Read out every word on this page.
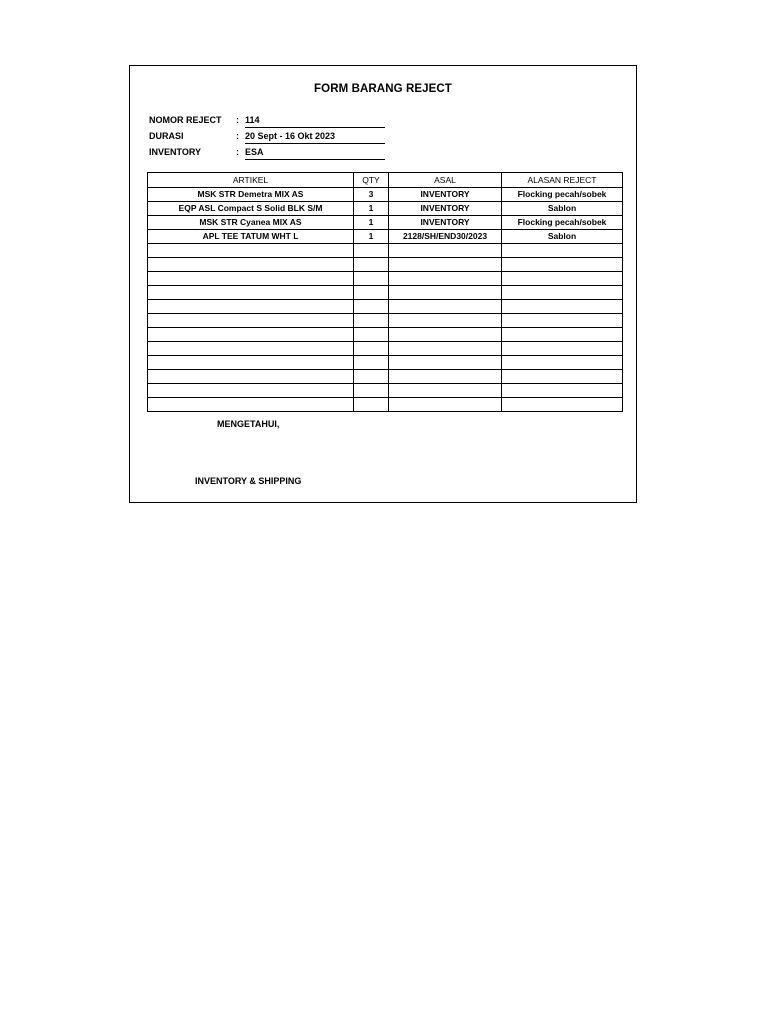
FORM BARANG REJECT
NOMOR REJECT	: 114
DURASI	: 20 Sept - 16 Okt 2023
INVENTORY	: ESA
ARTIKEL	QTY	ASAL	ALASAN REJECT
MSK STR Demetra MIX AS	3	INVENTORY	Flocking pecah/sobek
EQP ASL Compact S Solid BLK S/M	1	INVENTORY	Sablon
MSK STR Cyanea MIX AS	1	INVENTORY	Flocking pecah/sobek
APL TEE TATUM WHT L	1	2128/SH/END30/2023	Sablon

MENGETAHUI,
INVENTORY & SHIPPING
